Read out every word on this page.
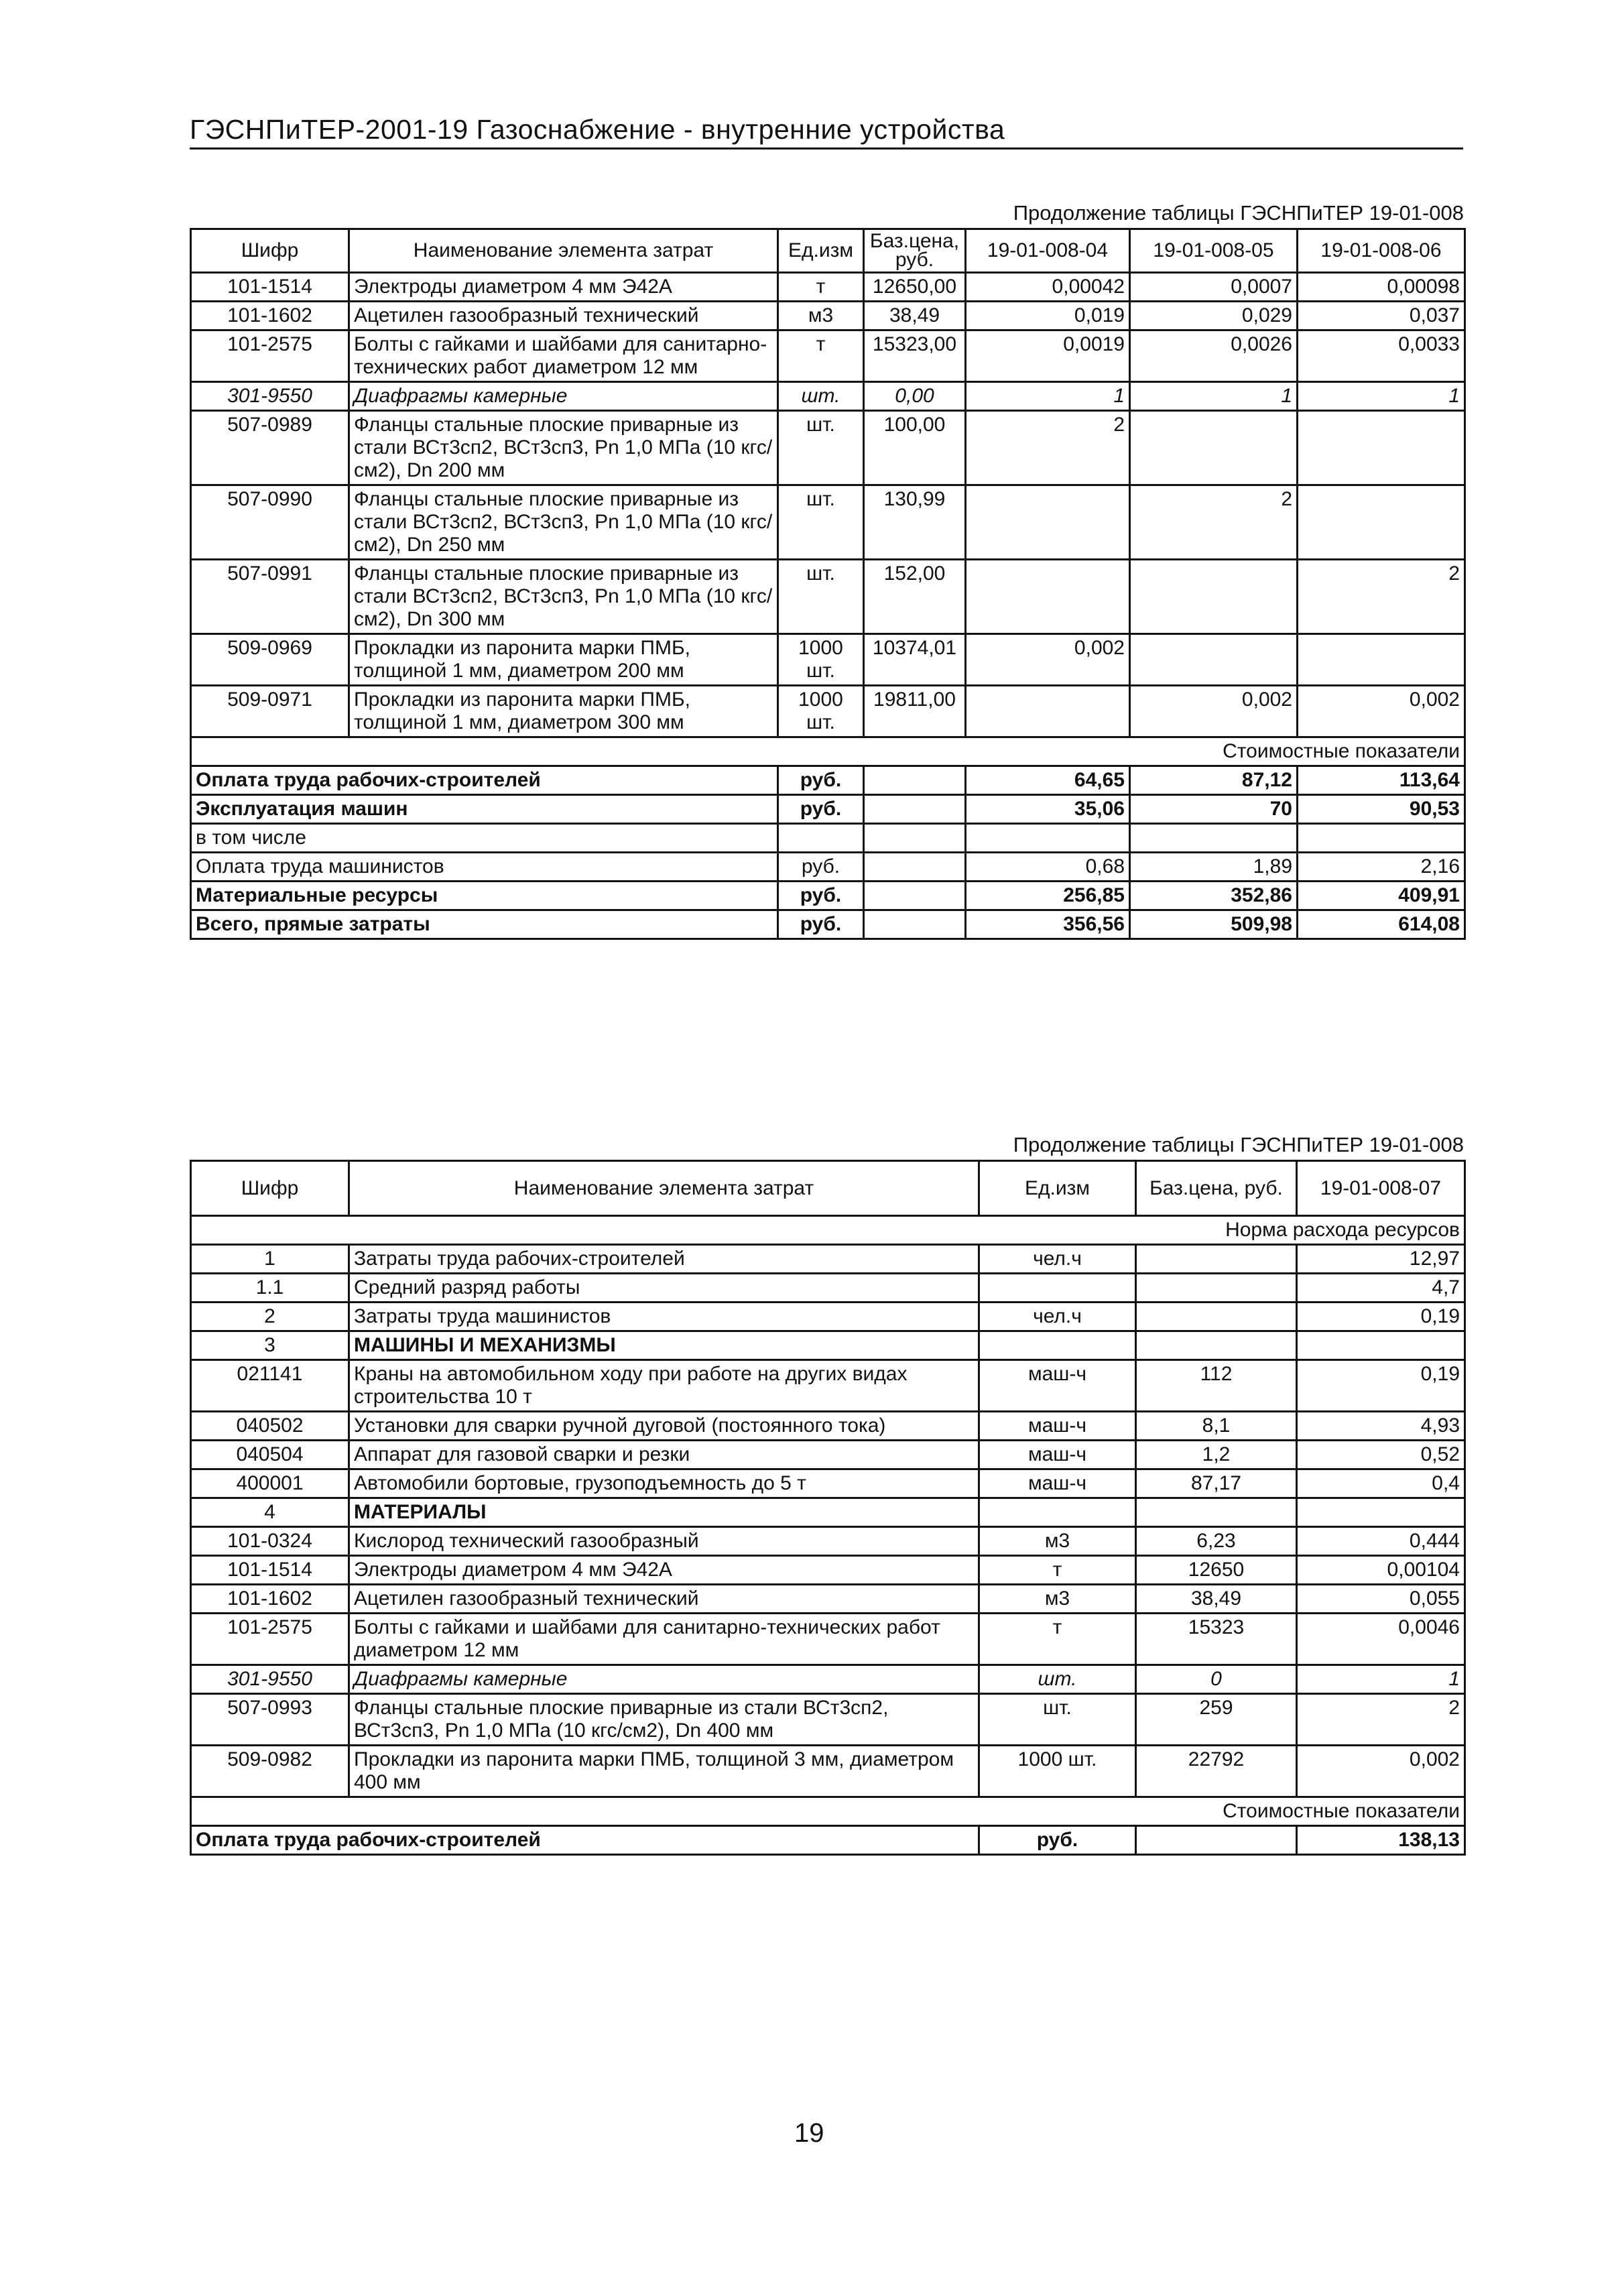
ГЭСНПиТЕР-2001-19 Газоснабжение - внутренние устройства
Продолжение таблицы ГЭСНПиТЕР 19-01-008
Шифр	Наименование элемента затрат	Ед.изм	Баз.цена, руб.	19-01-008-04	19-01-008-05	19-01-008-06
101-1514	Электроды диаметром 4 мм Э42А	т	12650,00	0,00042	0,0007	0,00098
101-1602	Ацетилен газообразный технический	м3	38,49	0,019	0,029	0,037
101-2575	Болты с гайками и шайбами для санитарно-технических работ диаметром 12 мм	т	15323,00	0,0019	0,0026	0,0033
301-9550	Диафрагмы камерные	шт.	0,00	1	1	1
507-0989	Фланцы стальные плоские приварные из стали ВСт3сп2, ВСт3сп3, Рn 1,0 МПа (10 кгс/см2), Dn 200 мм	шт.	100,00	2		
507-0990	Фланцы стальные плоские приварные из стали ВСт3сп2, ВСт3сп3, Рn 1,0 МПа (10 кгс/см2), Dn 250 мм	шт.	130,99		2	
507-0991	Фланцы стальные плоские приварные из стали ВСт3сп2, ВСт3сп3, Рn 1,0 МПа (10 кгс/см2), Dn 300 мм	шт.	152,00			2
509-0969	Прокладки из паронита марки ПМБ, толщиной 1 мм, диаметром 200 мм	1000 шт.	10374,01	0,002		
509-0971	Прокладки из паронита марки ПМБ, толщиной 1 мм, диаметром 300 мм	1000 шт.	19811,00		0,002	0,002
Стоимостные показатели						
Оплата труда рабочих-строителей		руб.		64,65	87,12	113,64
Эксплуатация машин		руб.		35,06	70	90,53
в том числе						
Оплата труда машинистов		руб.		0,68	1,89	2,16
Материальные ресурсы		руб.		256,85	352,86	409,91
Всего, прямые затраты		руб.		356,56	509,98	614,08
Продолжение таблицы ГЭСНПиТЕР 19-01-008
Шифр	Наименование элемента затрат	Ед.изм	Баз.цена, руб.	19-01-008-07
Норма расхода ресурсов				
1	Затраты труда рабочих-строителей	чел.ч		12,97
1.1	Средний разряд работы			4,7
2	Затраты труда машинистов	чел.ч		0,19
3	МАШИНЫ И МЕХАНИЗМЫ			
021141	Краны на автомобильном ходу при работе на других видах строительства 10 т	маш-ч	112	0,19
040502	Установки для сварки ручной дуговой (постоянного тока)	маш-ч	8,1	4,93
040504	Аппарат для газовой сварки и резки	маш-ч	1,2	0,52
400001	Автомобили бортовые, грузоподъемность до 5 т	маш-ч	87,17	0,4
4	МАТЕРИАЛЫ			
101-0324	Кислород технический газообразный	м3	6,23	0,444
101-1514	Электроды диаметром 4 мм Э42А	т	12650	0,00104
101-1602	Ацетилен газообразный технический	м3	38,49	0,055
101-2575	Болты с гайками и шайбами для санитарно-технических работ диаметром 12 мм	т	15323	0,0046
301-9550	Диафрагмы камерные	шт.	0	1
507-0993	Фланцы стальные плоские приварные из стали ВСт3сп2, ВСт3сп3, Рn 1,0 МПа (10 кгс/см2), Dn 400 мм	шт.	259	2
509-0982	Прокладки из паронита марки ПМБ, толщиной 3 мм, диаметром 400 мм	1000 шт.	22792	0,002
Стоимостные показатели				
Оплата труда рабочих-строителей		руб.		138,13
19
